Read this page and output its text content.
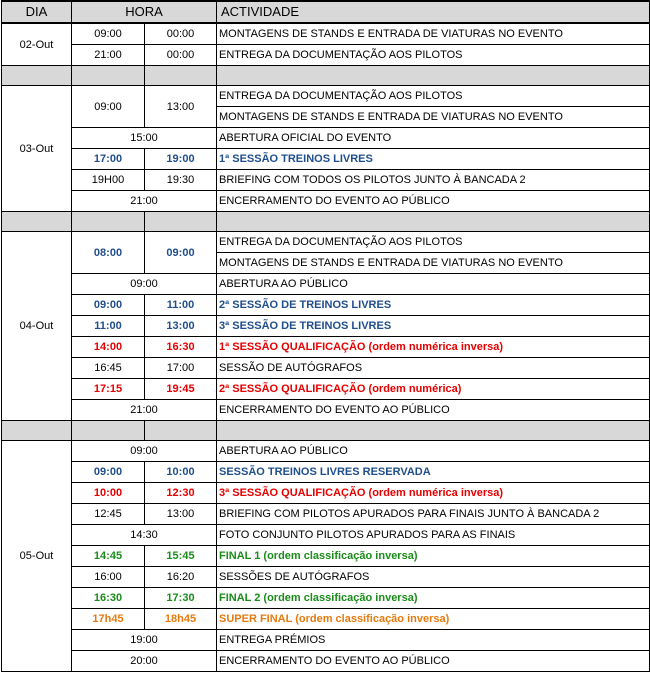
DIA	HORA		ACTIVIDADE
02-Out	09:00	00:00	MONTAGENS DE STANDS E ENTRADA DE VIATURAS NO EVENTO
	21:00	00:00	ENTREGA DA DOCUMENTAÇÃO AOS PILOTOS

03-Out	09:00	13:00	ENTREGA DA DOCUMENTAÇÃO AOS PILOTOS
			MONTAGENS DE STANDS E ENTRADA DE VIATURAS NO EVENTO
	15:00		ABERTURA OFICIAL DO EVENTO
	17:00	19:00	1ª SESSÃO TREINOS LIVRES
	19H00	19:30	BRIEFING COM TODOS OS PILOTOS JUNTO À BANCADA 2
	21:00		ENCERRAMENTO DO EVENTO AO PÚBLICO

04-Out	08:00	09:00	ENTREGA DA DOCUMENTAÇÃO AOS PILOTOS
			MONTAGENS DE STANDS E ENTRADA DE VIATURAS NO EVENTO
	09:00		ABERTURA AO PÚBLICO
	09:00	11:00	2ª SESSÃO DE TREINOS LIVRES
	11:00	13:00	3ª SESSÃO DE TREINOS LIVRES
	14:00	16:30	1ª SESSÃO QUALIFICAÇÃO (ordem numérica inversa)
	16:45	17:00	SESSÃO DE AUTÓGRAFOS
	17:15	19:45	2ª SESSÃO QUALIFICAÇÃO (ordem numérica)
	21:00		ENCERRAMENTO DO EVENTO AO PÚBLICO

05-Out	09:00		ABERTURA AO PÚBLICO
	09:00	10:00	SESSÃO TREINOS LIVRES RESERVADA
	10:00	12:30	3ª SESSÃO QUALIFICAÇÃO (ordem numérica inversa)
	12:45	13:00	BRIEFING COM PILOTOS APURADOS PARA FINAIS JUNTO À BANCADA 2
	14:30		FOTO CONJUNTO PILOTOS APURADOS PARA AS FINAIS
	14:45	15:45	FINAL 1 (ordem classificação inversa)
	16:00	16:20	SESSÕES DE AUTÓGRAFOS
	16:30	17:30	FINAL 2 (ordem classificação inversa)
	17h45	18h45	SUPER FINAL (ordem classificação inversa)
	19:00		ENTREGA PRÉMIOS
	20:00		ENCERRAMENTO DO EVENTO AO PÚBLICO
